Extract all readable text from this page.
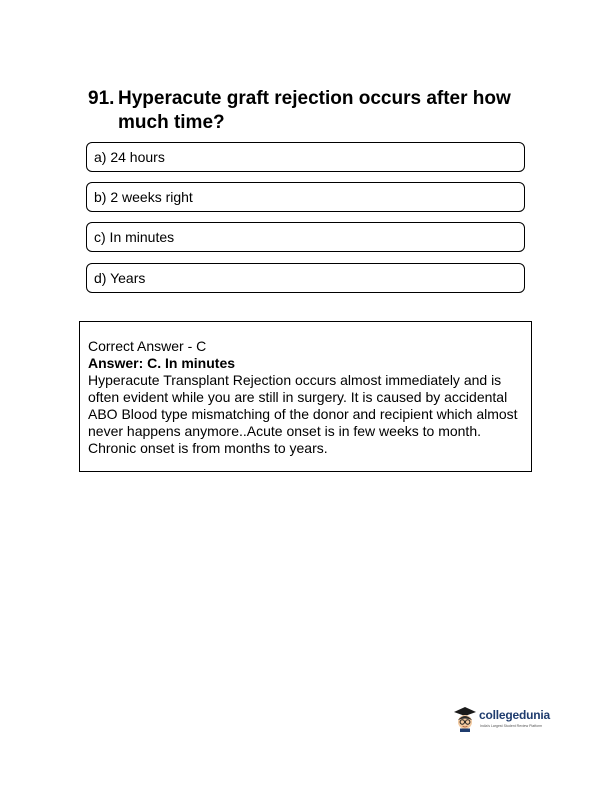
91. Hyperacute graft rejection occurs after how much time?
a) 24 hours
b) 2 weeks right
c) In minutes
d) Years
Correct Answer - C
Answer: C. In minutes
Hyperacute Transplant Rejection occurs almost immediately and is often evident while you are still in surgery. It is caused by accidental ABO Blood type mismatching of the donor and recipient which almost never happens anymore..Acute onset is in few weeks to month. Chronic onset is from months to years.
collegedunia
India's Largest Student Review Platform
